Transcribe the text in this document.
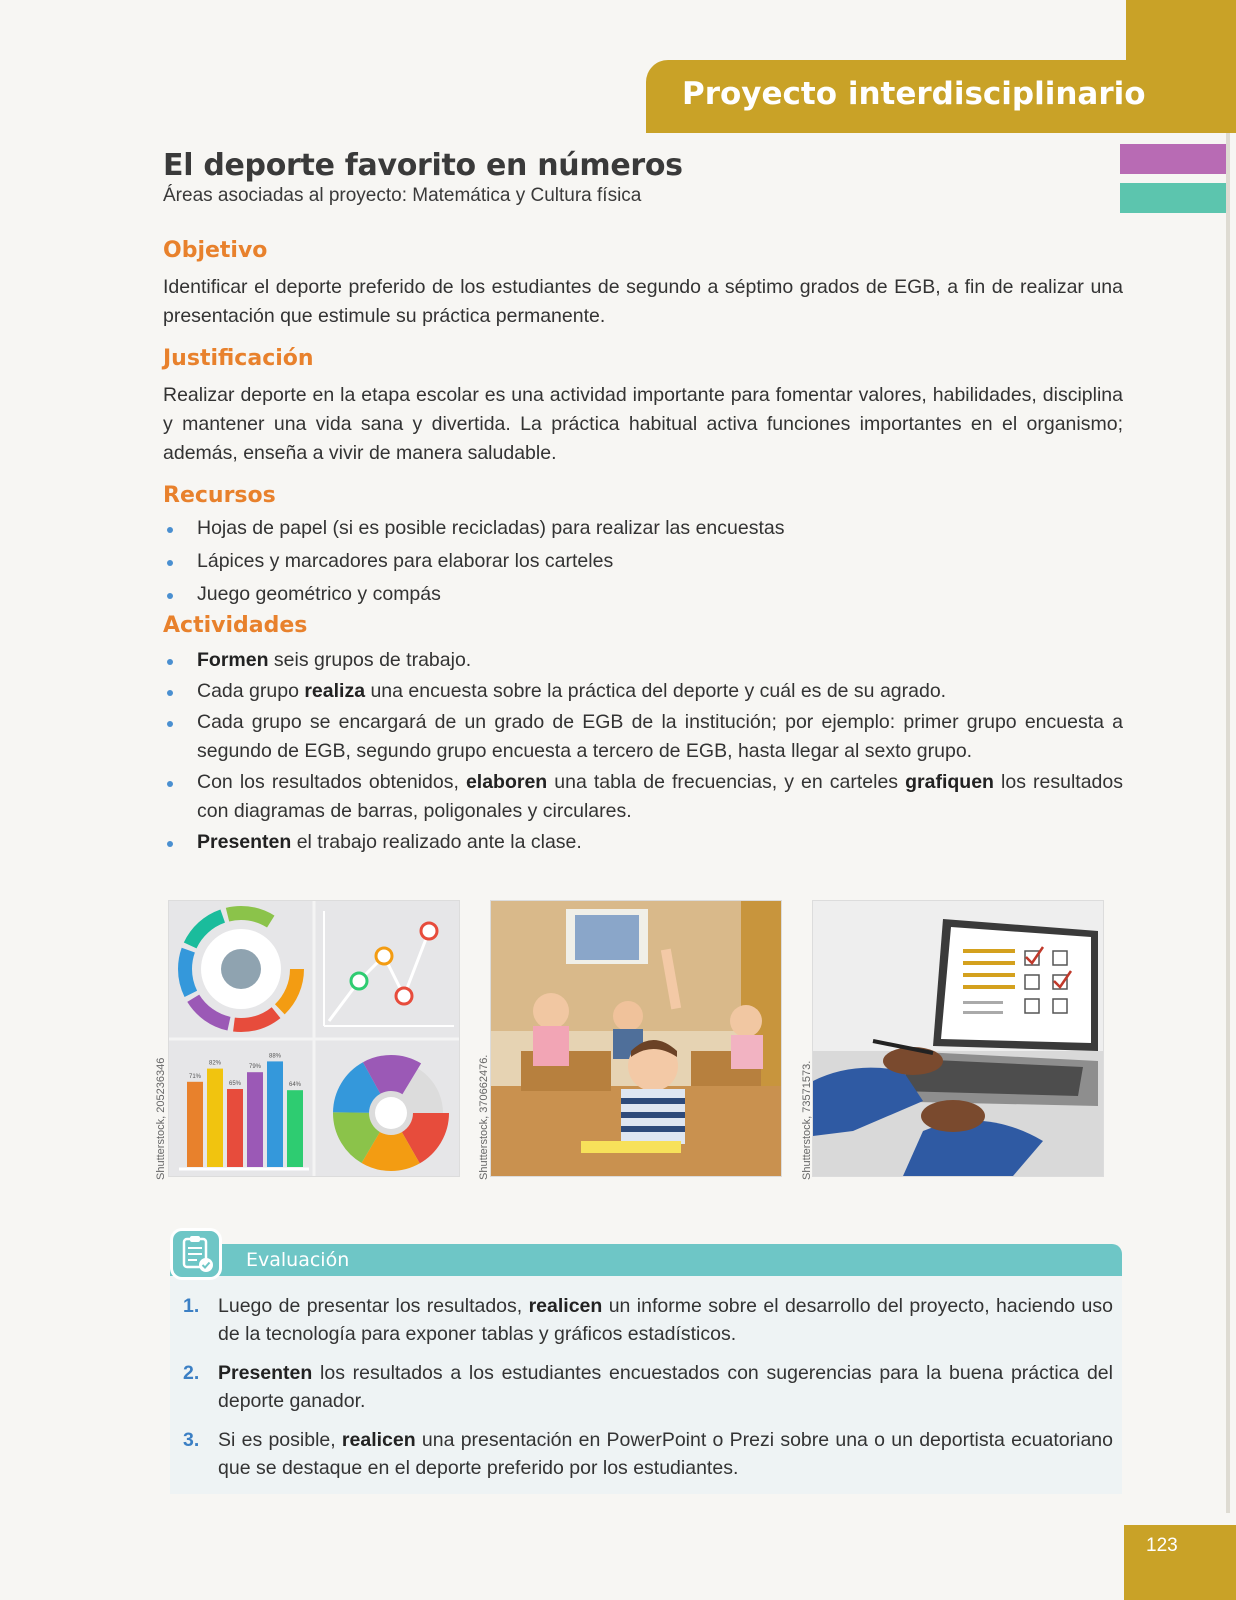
Proyecto interdisciplinario
El deporte favorito en números
Áreas asociadas al proyecto: Matemática y Cultura física
Objetivo

Identificar el deporte preferido de los estudiantes de segundo a séptimo grados de EGB, a fin de realizar una presentación que estimule su práctica permanente.

Justificación

Realizar deporte en la etapa escolar es una actividad importante para fomentar valores, habilidades, disciplina y mantener una vida sana y divertida. La práctica habitual activa funciones importantes en el organismo; además, enseña a vivir de manera saludable.

Recursos
Hojas de papel (si es posible recicladas) para realizar las encuestas
Lápices y marcadores para elaborar los carteles
Juego geométrico y compás
Actividades
Formen seis grupos de trabajo.
Cada grupo realiza una encuesta sobre la práctica del deporte y cuál es de su agrado.
Cada grupo se encargará de un grado de EGB de la institución; por ejemplo: primer grupo encuesta a segundo de EGB, segundo grupo encuesta a tercero de EGB, hasta llegar al sexto grupo.
Con los resultados obtenidos, elaboren una tabla de frecuencias, y en carteles grafiquen los resultados con diagramas de barras, poligonales y circulares.
Presenten el trabajo realizado ante la clase.
71%
82%
65%
79%
88%
64%
Shutterstock, 205236346	Shutterstock, 370662476.	Shutterstock, 73571573.
Evaluación
1. Luego de presentar los resultados, realicen un informe sobre el desarrollo del proyecto, haciendo uso de la tecnología para exponer tablas y gráficos estadísticos.
2. Presenten los resultados a los estudiantes encuestados con sugerencias para la buena práctica del deporte ganador.
3. Si es posible, realicen una presentación en PowerPoint o Prezi sobre una o un deportista ecuatoriano que se destaque en el deporte preferido por los estudiantes.
123
